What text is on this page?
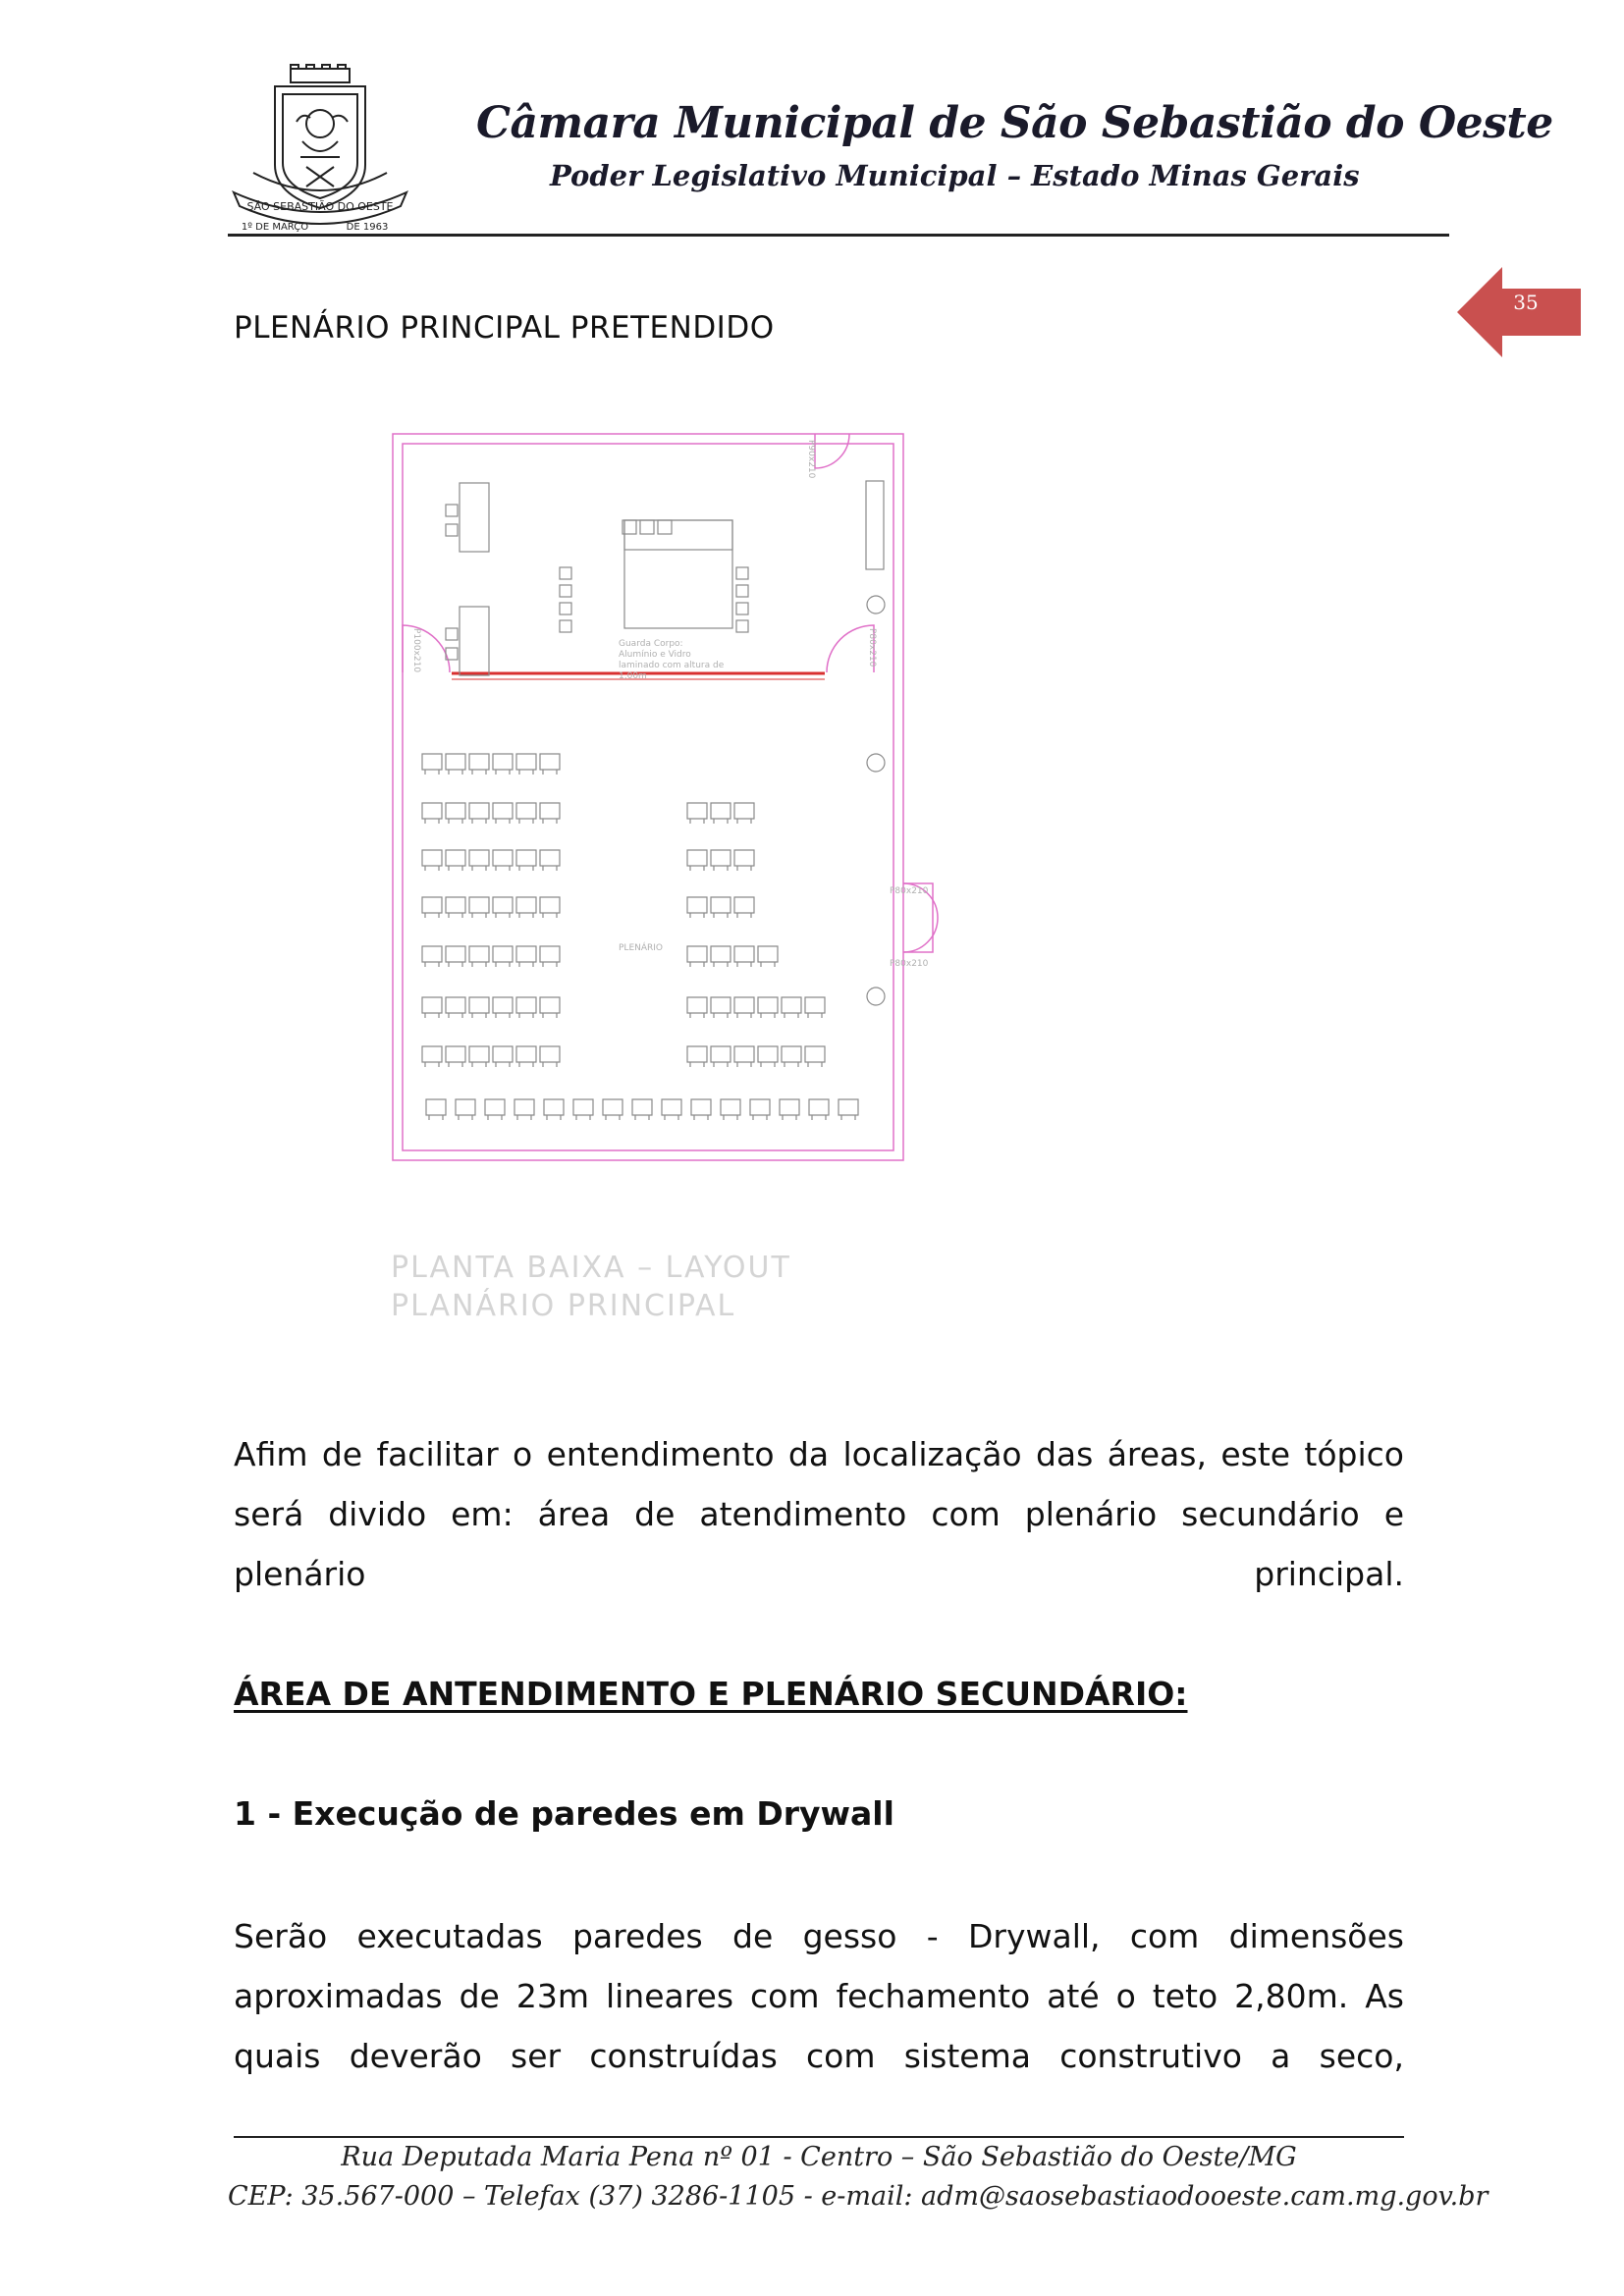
SÃO SEBASTIÃO DO OESTE
1º DE MARÇO	DE 1963
Câmara Municipal de São Sebastião do Oeste
Poder Legislativo Municipal – Estado Minas Gerais
35
PLENÁRIO PRINCIPAL PRETENDIDO
Guarda Corpo:
Alumínio e Vidro
laminado com altura de
1,00m
PLENÁRIO
P90x210
P100x210	P80x210
P80x210
P80x210
PLANTA BAIXA – LAYOUT
PLANÁRIO PRINCIPAL
Afim de facilitar o entendimento da localização das áreas, este tópico será divido em: área de atendimento com plenário secundário e plenário principal.
ÁREA DE ANTENDIMENTO E PLENÁRIO SECUNDÁRIO:
1 - Execução de paredes em Drywall
Serão executadas paredes de gesso - Drywall, com dimensões aproximadas de 23m lineares com fechamento até o teto 2,80m. As quais deverão ser construídas com sistema construtivo a seco,
Rua Deputada Maria Pena nº 01 - Centro – São Sebastião do Oeste/MG
CEP: 35.567-000 – Telefax (37) 3286-1105 - e-mail: adm@saosebastiaodooeste.cam.mg.gov.br
